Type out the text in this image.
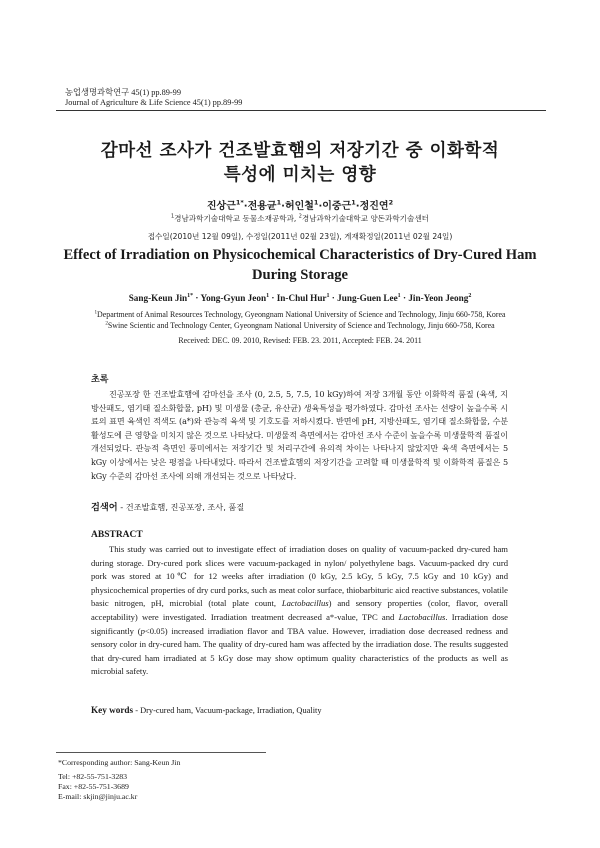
농업생명과학연구 45(1) pp.89-99
Journal of Agriculture & Life Science 45(1) pp.89-99
감마선 조사가 건조발효햄의 저장기간 중 이화학적
특성에 미치는 영향
진상근$^{1*}$·전용균$^1$·허인철$^1$·이중근$^1$·정진연$^2$
$^1$경남과학기술대학교 동물소재공학과, $^2$경남과학기술대학교 양돈과학기술센터
접수일(2010년 12월 09일), 수정일(2011년 02월 23일), 게재확정일(2011년 02월 24일)
Effect of Irradiation on Physicochemical Characteristics of Dry-Cured Ham
During Storage
Sang-Keun Jin$^{1*}$ · Yong-Gyun Jeon$^1$ · In-Chul Hur$^1$ · Jung-Guen Lee$^1$ · Jin-Yeon Jeong$^2$
$^1$Department of Animal Resources Technology, Gyeongnam National University of Science and Technology, Jinju 660-758, Korea
$^2$Swine Scientic and Technology Center, Gyeongnam National University of Science and Technology, Jinju 660-758, Korea
Received: DEC. 09. 2010, Revised: FEB. 23. 2011, Accepted: FEB. 24. 2011
초록

진공포장 한 건조발효햄에 감마선을 조사 (0, 2.5, 5, 7.5, 10 kGy)하여 저장 3개월 동안 이화학적 품질 (육색, 지방산패도, 염기태 질소화합물, pH) 및 미생물 (총균, 유산균) 생육특성을 평가하였다. 감마선 조사는 선량이 높을수록 시료의 표면 육색인 적색도 (a*)와 관능적 육색 및 기호도를 저하시켰다. 반면에 pH, 지방산패도, 염기태 질소화합물, 수분활성도에 큰 영향을 미치지 않은 것으로 나타났다. 미생물적 측면에서는 감마선 조사 수준이 높을수록 미생물학적 품질이 개선되었다. 관능적 측면인 풍미에서는 저장기간 및 처리구간에 유의적 차이는 나타나지 않았지만 육색 측면에서는 5 kGy 이상에서는 낮은 평점을 나타내었다. 따라서 건조발효햄의 저장기간을 고려할 때 미생물학적 및 이화학적 품질은 5 kGy 수준의 감마선 조사에 의해 개선되는 것으로 나타났다.

검색어 - 건조발효햄, 진공포장, 조사, 품질
ABSTRACT

This study was carried out to investigate effect of irradiation doses on quality of vacuum-packed dry-cured ham during storage. Dry-cured pork slices were vacuum-packaged in nylon/ polyethylene bags. Vacuum-packed dry curd pork was stored at 10℃ for 12 weeks after irradiation (0 kGy, 2.5 kGy, 5 kGy, 7.5 kGy and 10 kGy) and physicochemical properties of dry curd porks, such as meat color surface, thiobarbituric aicd reactive substances, volatile basic nitrogen, pH, microbial (total plate count, Lactobacillus) and sensory properties (color, flavor, overall acceptability) were investigated. Irradiation treatment decreased a*-value, TPC and Lactobacillus. Irradiation dose significantly (p<0.05) increased irradiation flavor and TBA value. However, irradiation dose decreased redness and sensory color in dry-cured ham. The quality of dry-cured ham was affected by the irradiation dose. The results suggested that dry-cured ham irradiated at 5 kGy dose may show optimum quality characteristics of the products as well as microbial safety.

Key words - Dry-cured ham, Vacuum-package, Irradiation, Quality
*Corresponding author: Sang-Keun Jin
Tel: +82-55-751-3283
Fax: +82-55-751-3689
E-mail: skjin@jinju.ac.kr
